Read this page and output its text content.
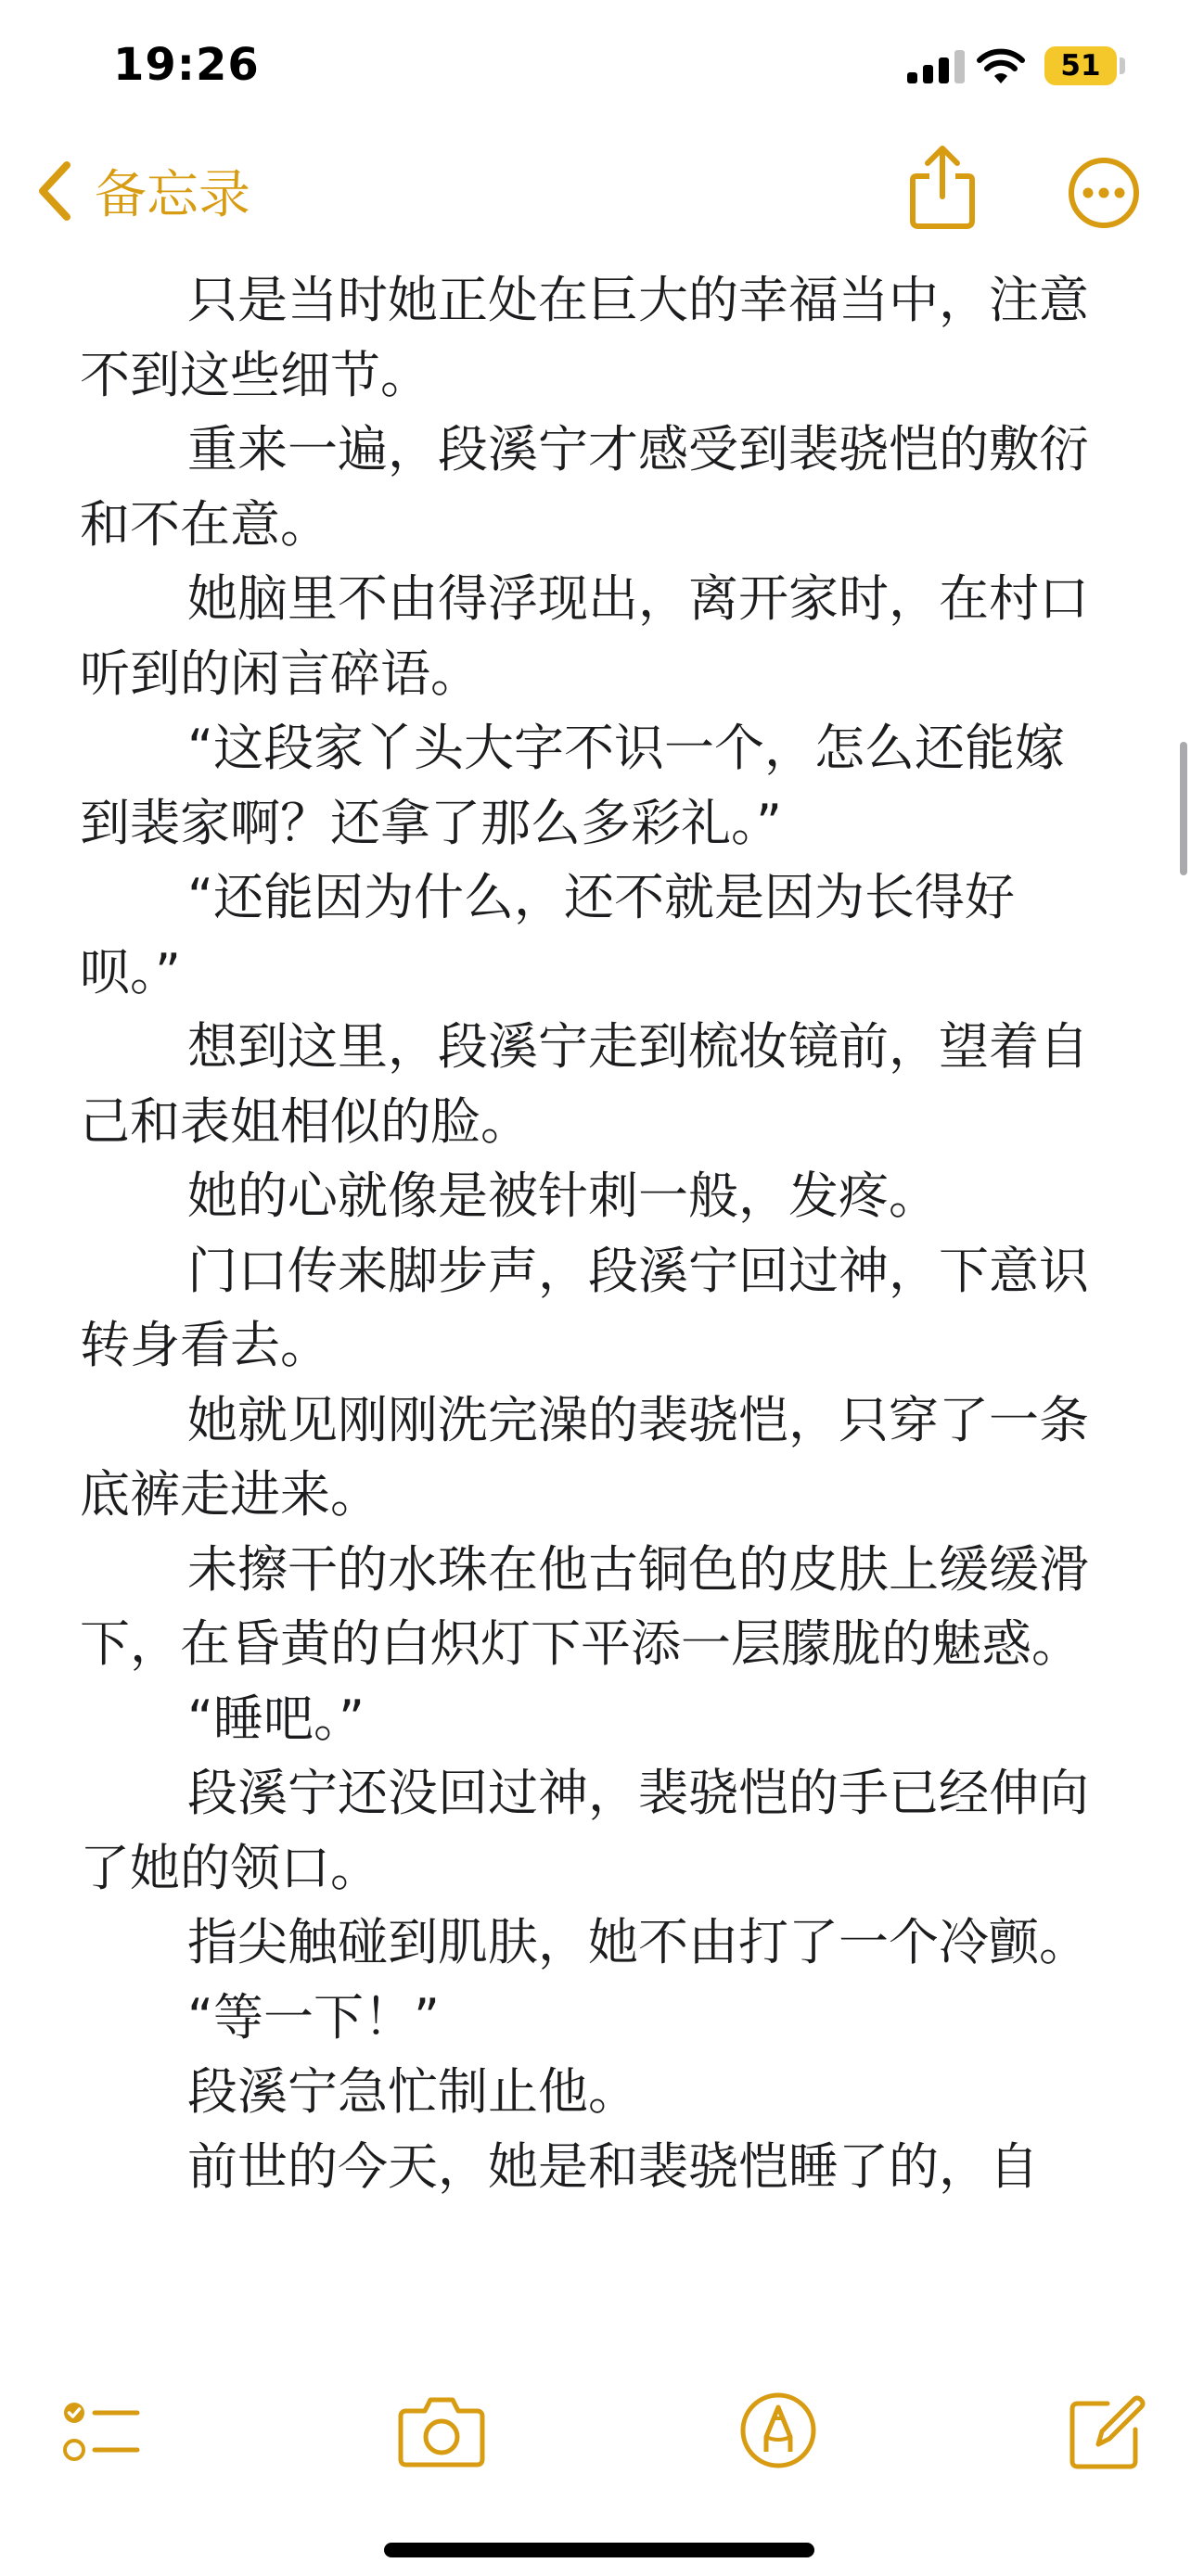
19:26	51
备忘录

只是当时她正处在巨大的幸福当中，注意不到这些细节。

重来一遍，段溪宁才感受到裴骁恺的敷衍和不在意。

她脑里不由得浮现出，离开家时，在村口听到的闲言碎语。

“这段家丫头大字不识一个，怎么还能嫁到裴家啊？还拿了那么多彩礼。”

“还能因为什么，还不就是因为长得好呗。”

想到这里，段溪宁走到梳妆镜前，望着自己和表姐相似的脸。

她的心就像是被针刺一般，发疼。

门口传来脚步声，段溪宁回过神，下意识转身看去。

她就见刚刚洗完澡的裴骁恺，只穿了一条底裤走进来。

未擦干的水珠在他古铜色的皮肤上缓缓滑下，在昏黄的白炽灯下平添一层朦胧的魅惑。

“睡吧。”

段溪宁还没回过神，裴骁恺的手已经伸向了她的领口。

指尖触碰到肌肤，她不由打了一个冷颤。

“等一下！”

段溪宁急忙制止他。

前世的今天，她是和裴骁恺睡了的，自
